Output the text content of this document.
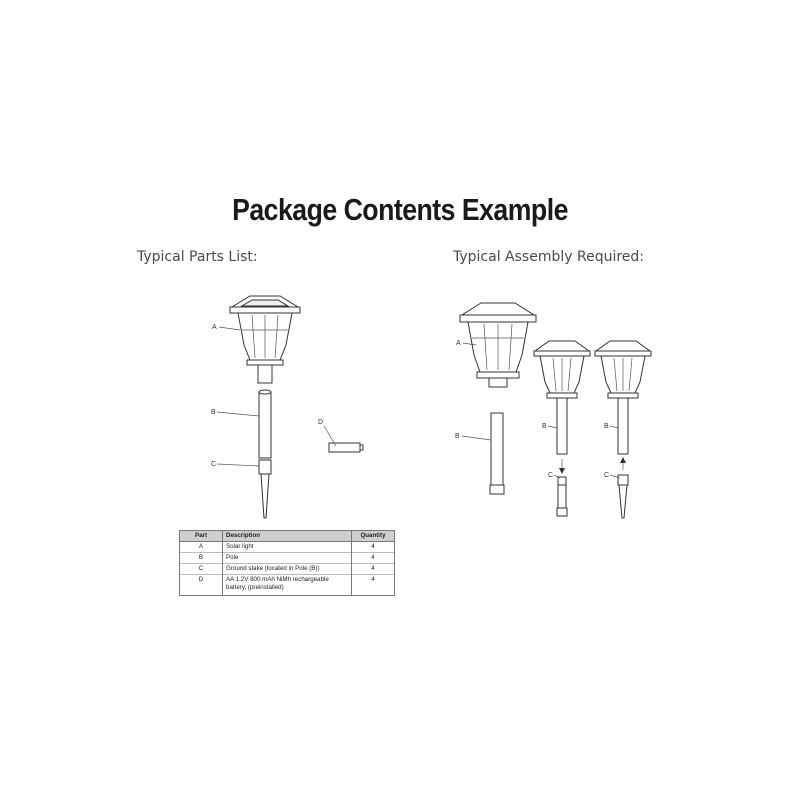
Package Contents Example
Typical Parts List:	Typical Assembly Required:
A
B
C
D
A
B
B	B
C	C
Part	Description	Quantity
A	Solar light	4
B	Pole	4
C	Ground stake (located in Pole (B))	4
D	AA 1.2V 800 mAh NiMh rechargeable battery, (preinstalled)	4
